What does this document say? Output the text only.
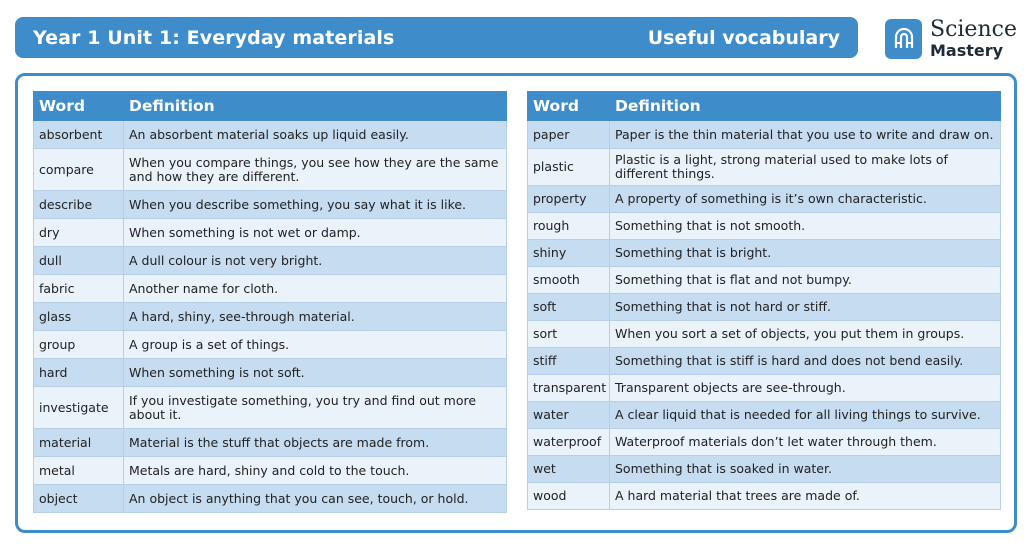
Year 1 Unit 1: Everyday materials	Useful vocabulary	Science
Mastery
Word	Definition
absorbent	An absorbent material soaks up liquid easily.
compare	When you compare things, you see how they are the same and how they are different.
describe	When you describe something, you say what it is like.
dry	When something is not wet or damp.
dull	A dull colour is not very bright.
fabric	Another name for cloth.
glass	A hard, shiny, see-through material.
group	A group is a set of things.
hard	When something is not soft.
investigate	If you investigate something, you try and find out more about it.
material	Material is the stuff that objects are made from.
metal	Metals are hard, shiny and cold to the touch.
object	An object is anything that you can see, touch, or hold.
Word	Definition
paper	Paper is the thin material that you use to write and draw on.
plastic	Plastic is a light, strong material used to make lots of different things.
property	A property of something is it’s own characteristic.
rough	Something that is not smooth.
shiny	Something that is bright.
smooth	Something that is flat and not bumpy.
soft	Something that is not hard or stiff.
sort	When you sort a set of objects, you put them in groups.
stiff	Something that is stiff is hard and does not bend easily.
transparent	Transparent objects are see-through.
water	A clear liquid that is needed for all living things to survive.
waterproof	Waterproof materials don’t let water through them.
wet	Something that is soaked in water.
wood	A hard material that trees are made of.
